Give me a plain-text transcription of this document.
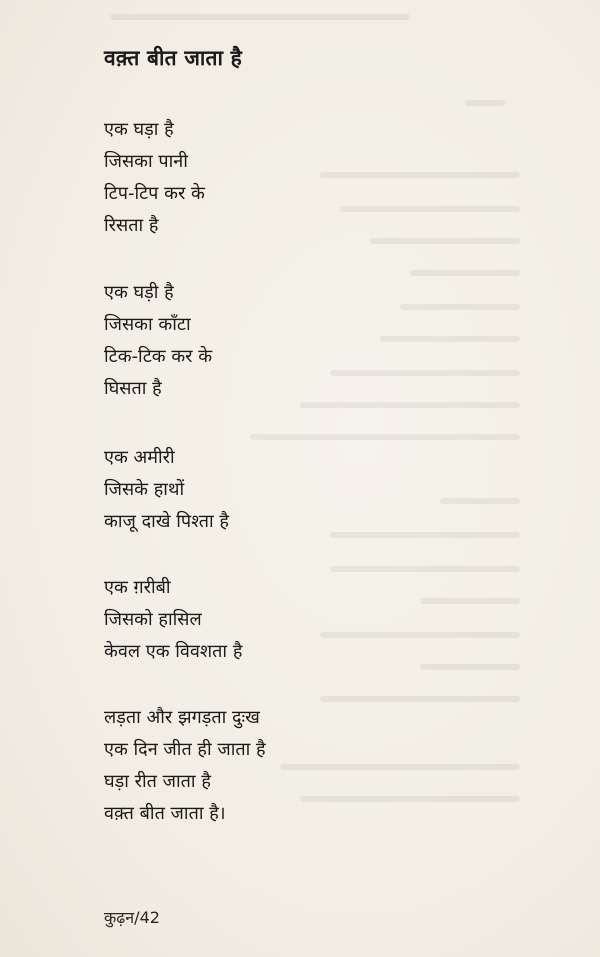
वक़्त बीत जाता है
एक घड़ा है
जिसका पानी
टिप-टिप कर के
रिसता है
एक घड़ी है
जिसका काँटा
टिक-टिक कर के
घिसता है
एक अमीरी
जिसके हाथों
काजू दाखे पिश्ता है
एक ग़रीबी
जिसको हासिल
केवल एक विवशता है
लड़ता और झगड़ता दुःख
एक दिन जीत ही जाता है
घड़ा रीत जाता है
वक़्त बीत जाता है।
कुढ़न/42
